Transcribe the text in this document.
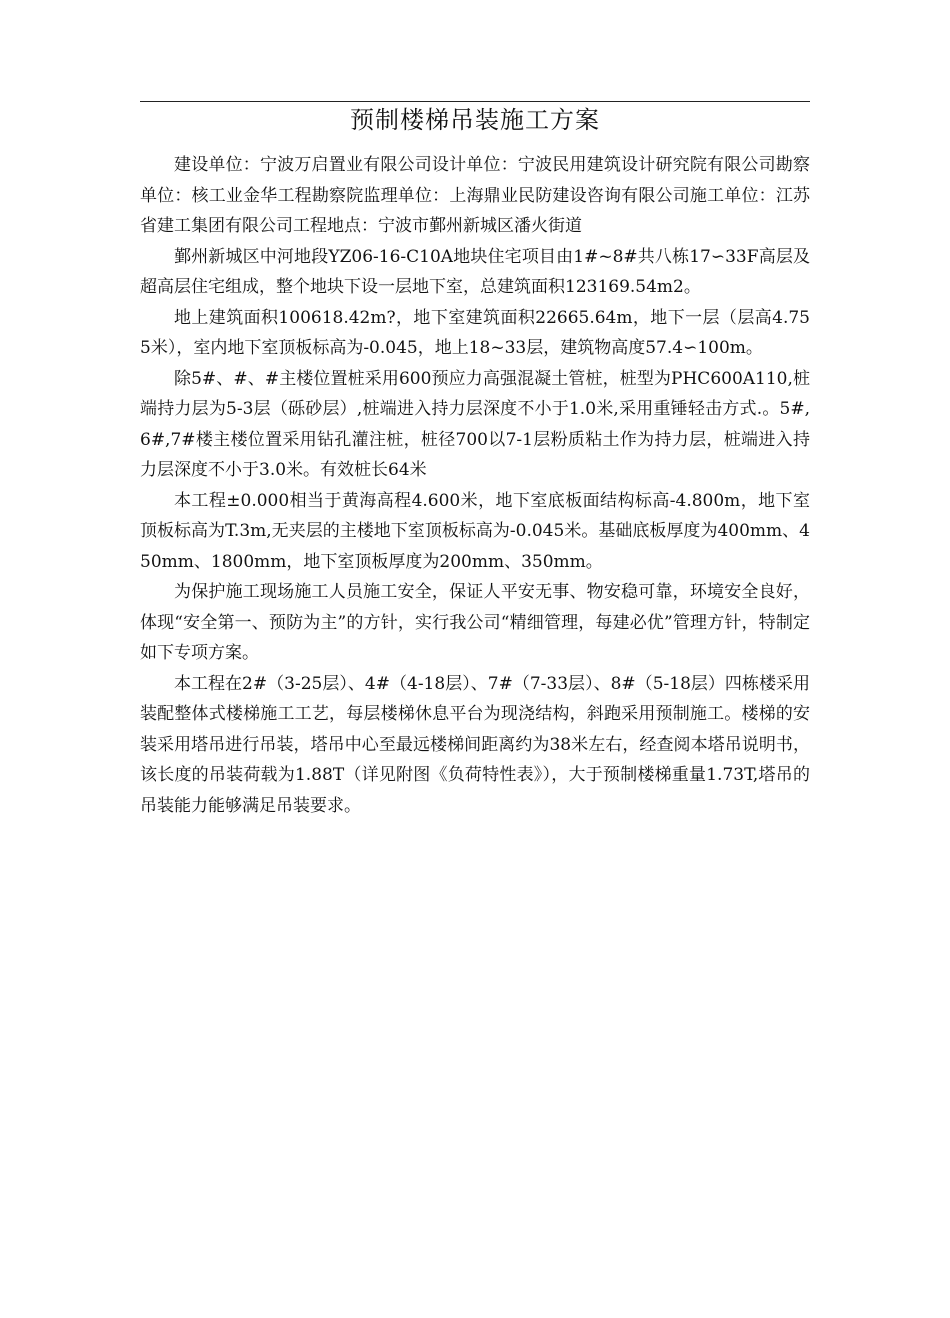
预制楼梯吊装施工方案

建设单位：宁波万启置业有限公司设计单位：宁波民用建筑设计研究院有限公司勘察单位：核工业金华工程勘察院监理单位：上海鼎业民防建设咨询有限公司施工单位：江苏省建工集团有限公司工程地点：宁波市鄞州新城区潘火街道

鄞州新城区中河地段YZ06-16-C10A地块住宅项目由1#~8#共八栋17∽33F高层及超高层住宅组成，整个地块下设一层地下室，总建筑面积123169.54m2。

地上建筑面积100618.42m?，地下室建筑面积22665.64m，地下一层（层高4.755米），室内地下室顶板标高为-0.045，地上18~33层，建筑物高度57.4∽100m。

除5#、#、#主楼位置桩采用600预应力高强混凝土管桩，桩型为PHC600A110,桩端持力层为5-3层（砾砂层）,桩端进入持力层深度不小于1.0米,采用重锤轻击方式.。5#,6#,7#楼主楼位置采用钻孔灌注桩，桩径700以7-1层粉质粘土作为持力层，桩端进入持力层深度不小于3.0米。有效桩长64米

本工程±0.000相当于黄海高程4.600米，地下室底板面结构标高-4.800m，地下室顶板标高为T.3m,无夹层的主楼地下室顶板标高为-0.045米。基础底板厚度为400mm、450mm、1800mm，地下室顶板厚度为200mm、350mm。

为保护施工现场施工人员施工安全，保证人平安无事、物安稳可靠，环境安全良好，体现“安全第一、预防为主”的方针，实行我公司“精细管理，每建必优”管理方针，特制定如下专项方案。

本工程在2#（3-25层）、4#（4-18层）、7#（7-33层）、8#（5-18层）四栋楼采用装配整体式楼梯施工工艺，每层楼梯休息平台为现浇结构，斜跑采用预制施工。楼梯的安装采用塔吊进行吊装，塔吊中心至最远楼梯间距离约为38米左右，经查阅本塔吊说明书，该长度的吊装荷载为1.88T（详见附图《负荷特性表》），大于预制楼梯重量1.73T,塔吊的吊装能力能够满足吊装要求。
